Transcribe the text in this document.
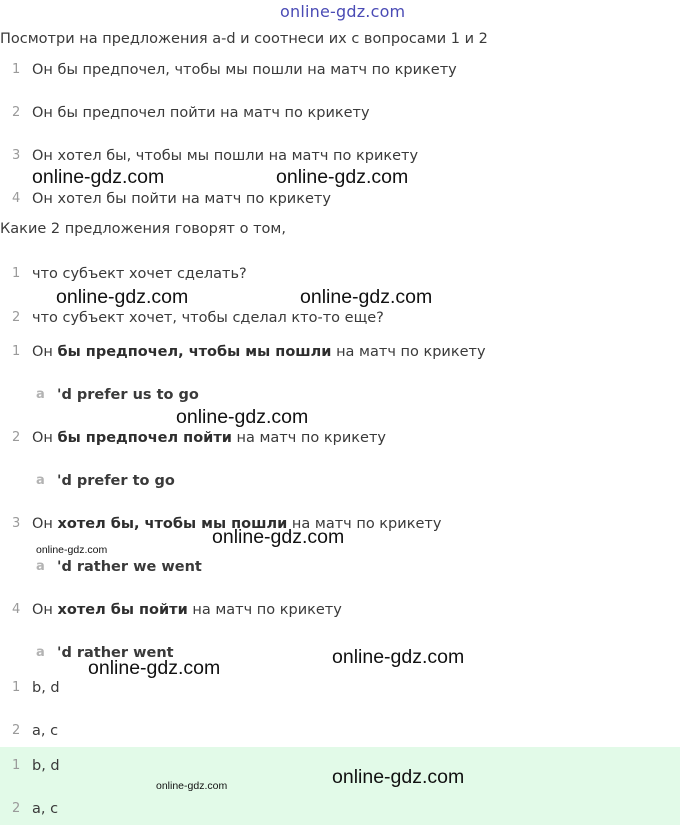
online-gdz.com
Посмотри на предложения a-d и соотнеси их с вопросами 1 и 2
1 Он бы предпочел, чтобы мы пошли на матч по крикету
2 Он бы предпочел пойти на матч по крикету
3 Он хотел бы, чтобы мы пошли на матч по крикету
4 Он хотел бы пойти на матч по крикету
Какие 2 предложения говорят о том,
1 что субъект хочет сделать?
2 что субъект хочет, чтобы сделал кто-то еще?
1 Он бы предпочел, чтобы мы пошли на матч по крикету
a 'd prefer us to go
2 Он бы предпочел пойти на матч по крикету
a 'd prefer to go
3 Он хотел бы, чтобы мы пошли на матч по крикету
a 'd rather we went
4 Он хотел бы пойти на матч по крикету
a 'd rather went
1 b, d
2 a, c
1 b, d
2 a, c
online-gdz.com	online-gdz.com
online-gdz.com	online-gdz.com
online-gdz.com
online-gdz.com
online-gdz.com
online-gdz.com
online-gdz.com
online-gdz.com
online-gdz.com
